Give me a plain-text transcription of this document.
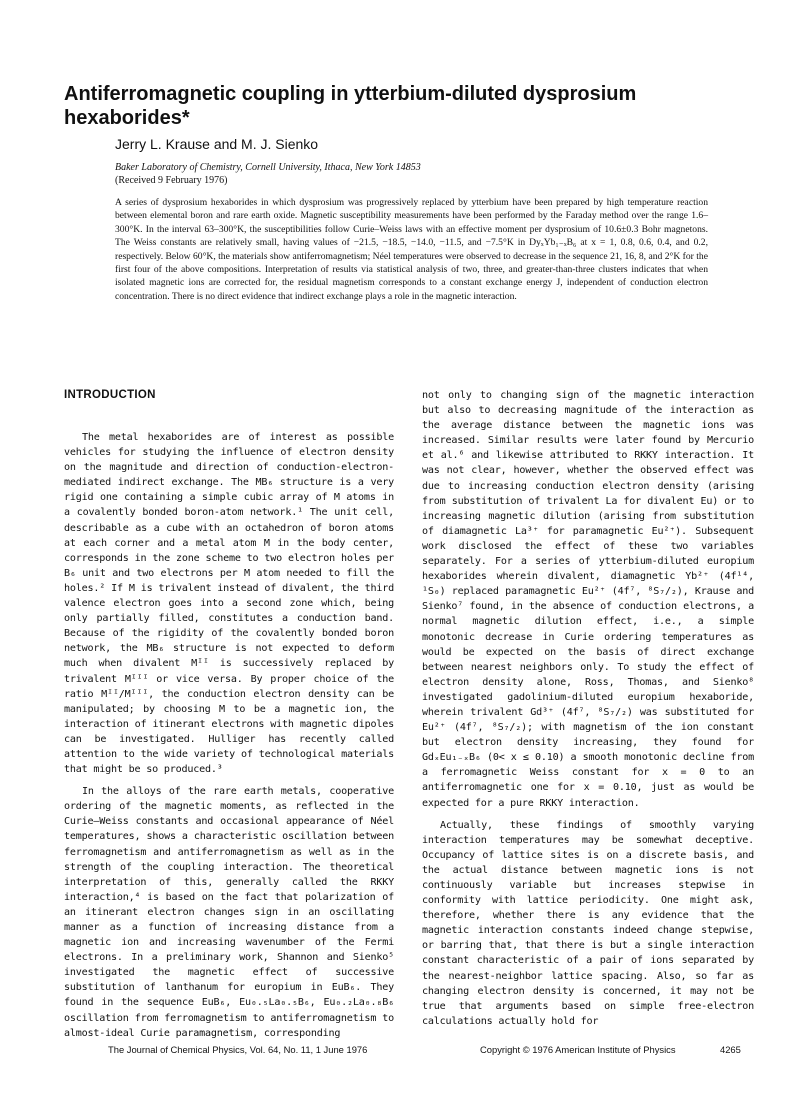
Antiferromagnetic coupling in ytterbium-diluted dysprosium hexaborides*

Jerry L. Krause and M. J. Sienko

Baker Laboratory of Chemistry, Cornell University, Ithaca, New York 14853
(Received 9 February 1976)

A series of dysprosium hexaborides in which dysprosium was progressively replaced by ytterbium have been prepared by high temperature reaction between elemental boron and rare earth oxide. Magnetic susceptibility measurements have been performed by the Faraday method over the range 1.6–300°K. In the interval 63–300°K, the susceptibilities follow Curie–Weiss laws with an effective moment per dysprosium of 10.6±0.3 Bohr magnetons. The Weiss constants are relatively small, having values of −21.5, −18.5, −14.0, −11.5, and −7.5°K in DyₓYb₁₋ₓB₆ at x = 1, 0.8, 0.6, 0.4, and 0.2, respectively. Below 60°K, the materials show antiferromagnetism; Néel temperatures were observed to decrease in the sequence 21, 16, 8, and 2°K for the first four of the above compositions. Interpretation of results via statistical analysis of two, three, and greater-than-three clusters indicates that when isolated magnetic ions are corrected for, the residual magnetism corresponds to a constant exchange energy J, independent of conduction electron concentration. There is no direct evidence that indirect exchange plays a role in the magnetic interaction.

INTRODUCTION

The metal hexaborides are of interest as possible vehicles for studying the influence of electron density on the magnitude and direction of conduction-electron-mediated indirect exchange. The MB₆ structure is a very rigid one containing a simple cubic array of M atoms in a covalently bonded boron-atom network.¹ The unit cell, describable as a cube with an octahedron of boron atoms at each corner and a metal atom M in the body center, corresponds in the zone scheme to two electron holes per B₆ unit and two electrons per M atom needed to fill the holes.² If M is trivalent instead of divalent, the third valence electron goes into a second zone which, being only partially filled, constitutes a conduction band. Because of the rigidity of the covalently bonded boron network, the MB₆ structure is not expected to deform much when divalent Mᴵᴵ is successively replaced by trivalent Mᴵᴵᴵ or vice versa. By proper choice of the ratio Mᴵᴵ/Mᴵᴵᴵ, the conduction electron density can be manipulated; by choosing M to be a magnetic ion, the interaction of itinerant electrons with magnetic dipoles can be investigated. Hulliger has recently called attention to the wide variety of technological materials that might be so produced.³

In the alloys of the rare earth metals, cooperative ordering of the magnetic moments, as reflected in the Curie–Weiss constants and occasional appearance of Néel temperatures, shows a characteristic oscillation between ferromagnetism and antiferromagnetism as well as in the strength of the coupling interaction. The theoretical interpretation of this, generally called the RKKY interaction,⁴ is based on the fact that polarization of an itinerant electron changes sign in an oscillating manner as a function of increasing distance from a magnetic ion and increasing wavenumber of the Fermi electrons. In a preliminary work, Shannon and Sienko⁵ investigated the magnetic effect of successive substitution of lanthanum for europium in EuB₆. They found in the sequence EuB₆, Eu₀.₅La₀.₅B₆, Eu₀.₂La₀.₈B₆ oscillation from ferromagnetism to antiferromagnetism to almost-ideal Curie paramagnetism, corresponding

not only to changing sign of the magnetic interaction but also to decreasing magnitude of the interaction as the average distance between the magnetic ions was increased. Similar results were later found by Mercurio et al.⁶ and likewise attributed to RKKY interaction. It was not clear, however, whether the observed effect was due to increasing conduction electron density (arising from substitution of trivalent La for divalent Eu) or to increasing magnetic dilution (arising from substitution of diamagnetic La³⁺ for paramagnetic Eu²⁺). Subsequent work disclosed the effect of these two variables separately. For a series of ytterbium-diluted europium hexaborides wherein divalent, diamagnetic Yb²⁺ (4f¹⁴, ¹S₀) replaced paramagnetic Eu²⁺ (4f⁷, ⁸S₇/₂), Krause and Sienko⁷ found, in the absence of conduction electrons, a normal magnetic dilution effect, i.e., a simple monotonic decrease in Curie ordering temperatures as would be expected on the basis of direct exchange between nearest neighbors only. To study the effect of electron density alone, Ross, Thomas, and Sienko⁸ investigated gadolinium-diluted europium hexaboride, wherein trivalent Gd³⁺ (4f⁷, ⁸S₇/₂) was substituted for Eu²⁺ (4f⁷, ⁸S₇/₂); with magnetism of the ion constant but electron density increasing, they found for GdₓEu₁₋ₓB₆ (0< x ≤ 0.10) a smooth monotonic decline from a ferromagnetic Weiss constant for x = 0 to an antiferromagnetic one for x = 0.10, just as would be expected for a pure RKKY interaction.

Actually, these findings of smoothly varying interaction temperatures may be somewhat deceptive. Occupancy of lattice sites is on a discrete basis, and the actual distance between magnetic ions is not continuously variable but increases stepwise in conformity with lattice periodicity. One might ask, therefore, whether there is any evidence that the magnetic interaction constants indeed change stepwise, or barring that, that there is but a single interaction constant characteristic of a pair of ions separated by the nearest-neighbor lattice spacing. Also, so far as changing electron density is concerned, it may not be true that arguments based on simple free-electron calculations actually hold for

The Journal of Chemical Physics, Vol. 64, No. 11, 1 June 1976	Copyright © 1976 American Institute of Physics	4265
